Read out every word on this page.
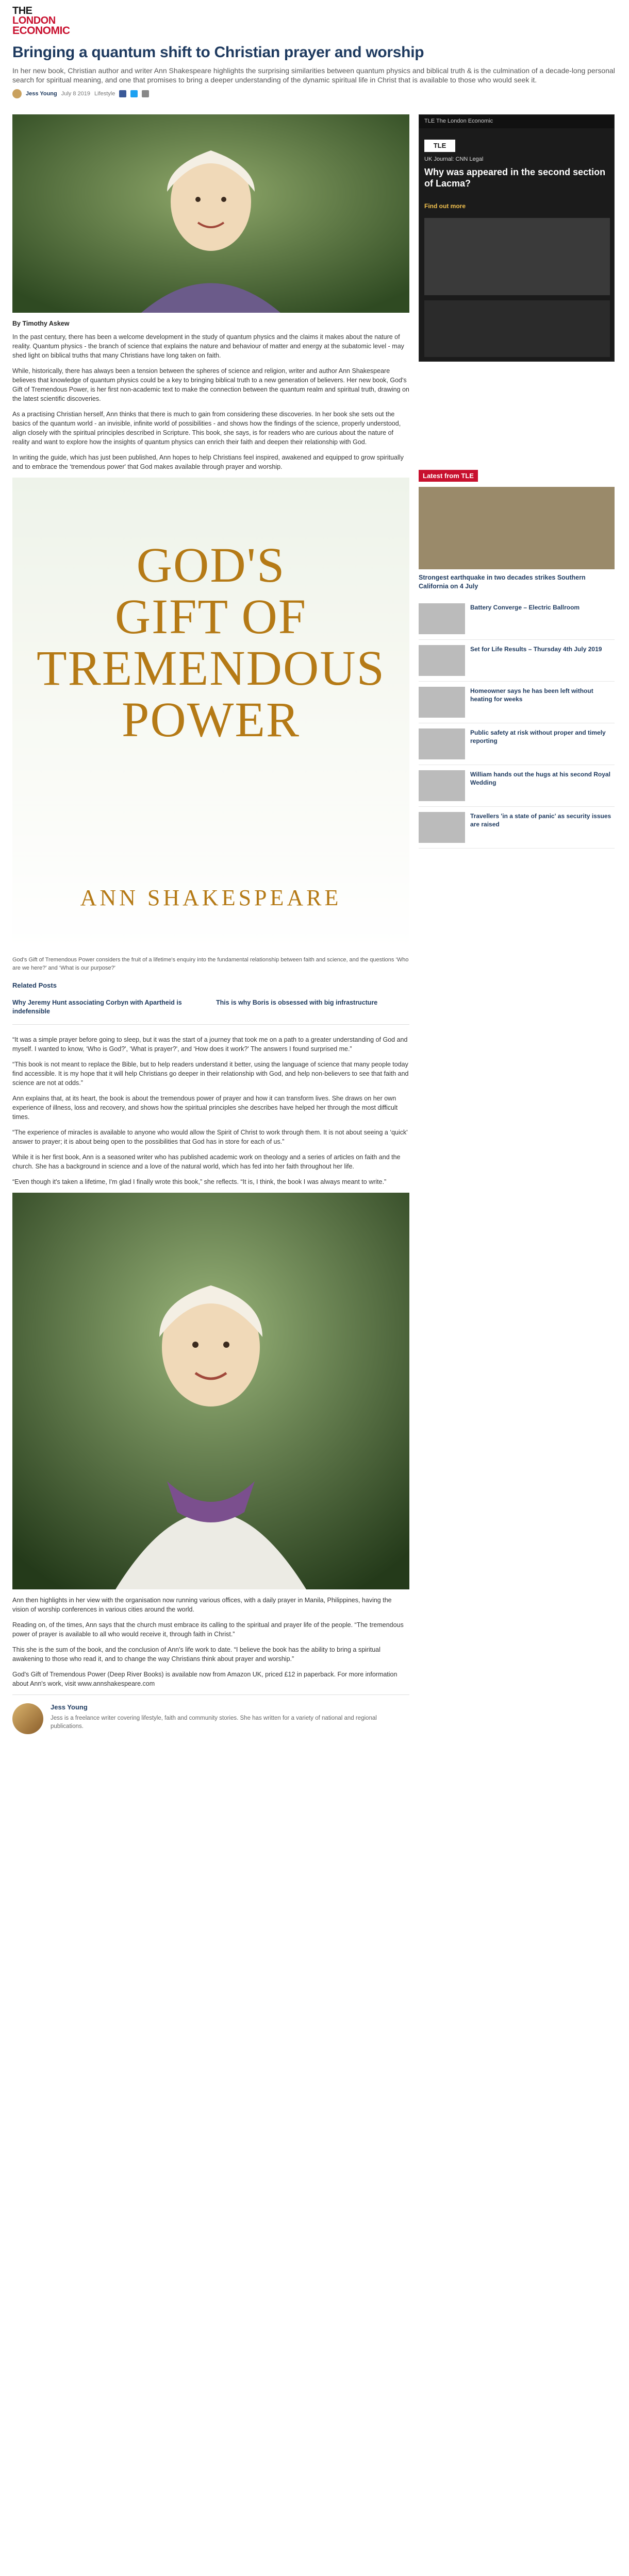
THE
LONDON
ECONOMIC
Bringing a quantum shift to Christian prayer and worship

In her new book, Christian author and writer Ann Shakespeare highlights the surprising similarities between quantum physics and biblical truth & is the culmination of a decade-long personal search for spiritual meaning, and one that promises to bring a deeper understanding of the dynamic spiritual life in Christ that is available to those who would seek it.

Jess Young July 8 2019 Lifestyle

By Timothy Askew

In the past century, there has been a welcome development in the study of quantum physics and the claims it makes about the nature of reality. Quantum physics - the branch of science that explains the nature and behaviour of matter and energy at the subatomic level - may shed light on biblical truths that many Christians have long taken on faith.

While, historically, there has always been a tension between the spheres of science and religion, writer and author Ann Shakespeare believes that knowledge of quantum physics could be a key to bringing biblical truth to a new generation of believers. Her new book, God's Gift of Tremendous Power, is her first non-academic text to make the connection between the quantum realm and spiritual truth, drawing on the latest scientific discoveries.

As a practising Christian herself, Ann thinks that there is much to gain from considering these discoveries. In her book she sets out the basics of the quantum world - an invisible, infinite world of possibilities - and shows how the findings of the science, properly understood, align closely with the spiritual principles described in Scripture. This book, she says, is for readers who are curious about the nature of reality and want to explore how the insights of quantum physics can enrich their faith and deepen their relationship with God.

In writing the guide, which has just been published, Ann hopes to help Christians feel inspired, awakened and equipped to grow spiritually and to embrace the ‘tremendous power' that God makes available through prayer and worship.

GOD'S
GIFT OF
TREMENDOUS
POWER
ANN SHAKESPEARE

God's Gift of Tremendous Power considers the fruit of a lifetime's enquiry into the fundamental relationship between faith and science, and the questions ‘Who are we here?' and ‘What is our purpose?'

Related Posts
Why Jeremy Hunt associating Corbyn with Apartheid is indefensible
This is why Boris is obsessed with big infrastructure

“It was a simple prayer before going to sleep, but it was the start of a journey that took me on a path to a greater understanding of God and myself. I wanted to know, ‘Who is God?', ‘What is prayer?', and ‘How does it work?' The answers I found surprised me.”

“This book is not meant to replace the Bible, but to help readers understand it better, using the language of science that many people today find accessible. It is my hope that it will help Christians go deeper in their relationship with God, and help non-believers to see that faith and science are not at odds.”

Ann explains that, at its heart, the book is about the tremendous power of prayer and how it can transform lives. She draws on her own experience of illness, loss and recovery, and shows how the spiritual principles she describes have helped her through the most difficult times.

“The experience of miracles is available to anyone who would allow the Spirit of Christ to work through them. It is not about seeing a ‘quick' answer to prayer; it is about being open to the possibilities that God has in store for each of us.”

While it is her first book, Ann is a seasoned writer who has published academic work on theology and a series of articles on faith and the church. She has a background in science and a love of the natural world, which has fed into her faith throughout her life.

“Even though it's taken a lifetime, I'm glad I finally wrote this book,” she reflects. “It is, I think, the book I was always meant to write.”

Ann then highlights in her view with the organisation now running various offices, with a daily prayer in Manila, Philippines, having the vision of worship conferences in various cities around the world.

Reading on, of the times, Ann says that the church must embrace its calling to the spiritual and prayer life of the people. “The tremendous power of prayer is available to all who would receive it, through faith in Christ.”

This she is the sum of the book, and the conclusion of Ann's life work to date. “I believe the book has the ability to bring a spiritual awakening to those who read it, and to change the way Christians think about prayer and worship.”

God's Gift of Tremendous Power (Deep River Books) is available now from Amazon UK, priced £12 in paperback. For more information about Ann's work, visit www.annshakespeare.com

Jess Young
Jess is a freelance writer covering lifestyle, faith and community stories. She has written for a variety of national and regional publications.
TLE The London Economic
TLE
UK Journal: CNN Legal
Why was appeared in the second section of Lacma?
Find out more
Latest from TLE
Strongest earthquake in two decades strikes Southern California on 4 July
Battery Converge – Electric Ballroom
Set for Life Results – Thursday 4th July 2019
Homeowner says he has been left without heating for weeks
Public safety at risk without proper and timely reporting
William hands out the hugs at his second Royal Wedding
Travellers 'in a state of panic' as security issues are raised
